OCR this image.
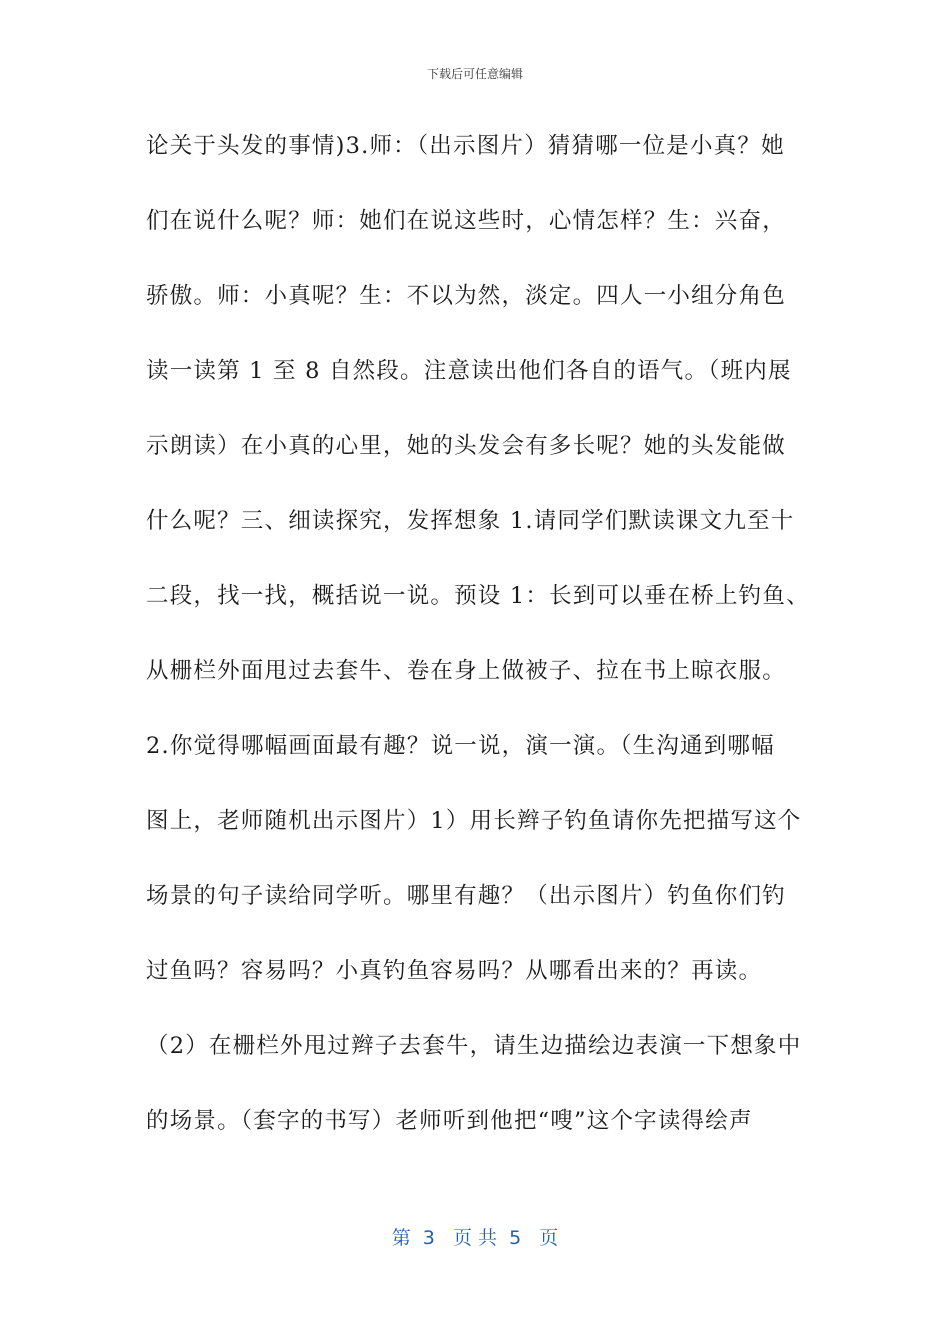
下载后可任意编辑
论关于头发的事情)3.师：（出示图片）猜猜哪一位是小真？她
们在说什么呢？师：她们在说这些时，心情怎样？生：兴奋，
骄傲。师：小真呢？生：不以为然，淡定。四人一小组分角色
读一读第 1 至 8 自然段。注意读出他们各自的语气。（班内展
示朗读）在小真的心里，她的头发会有多长呢？她的头发能做
什么呢？三、细读探究，发挥想象 1.请同学们默读课文九至十
二段，找一找，概括说一说。预设 1：长到可以垂在桥上钓鱼、
从栅栏外面甩过去套牛、卷在身上做被子、拉在书上晾衣服。
2.你觉得哪幅画面最有趣？说一说，演一演。（生沟通到哪幅
图上，老师随机出示图片）1）用长辫子钓鱼请你先把描写这个
场景的句子读给同学听。哪里有趣？（出示图片）钓鱼你们钓
过鱼吗？容易吗？小真钓鱼容易吗？从哪看出来的？再读。
（2）在栅栏外甩过辫子去套牛，请生边描绘边表演一下想象中
的场景。（套字的书写）老师听到他把“嗖”这个字读得绘声
第  3   页 共  5   页
